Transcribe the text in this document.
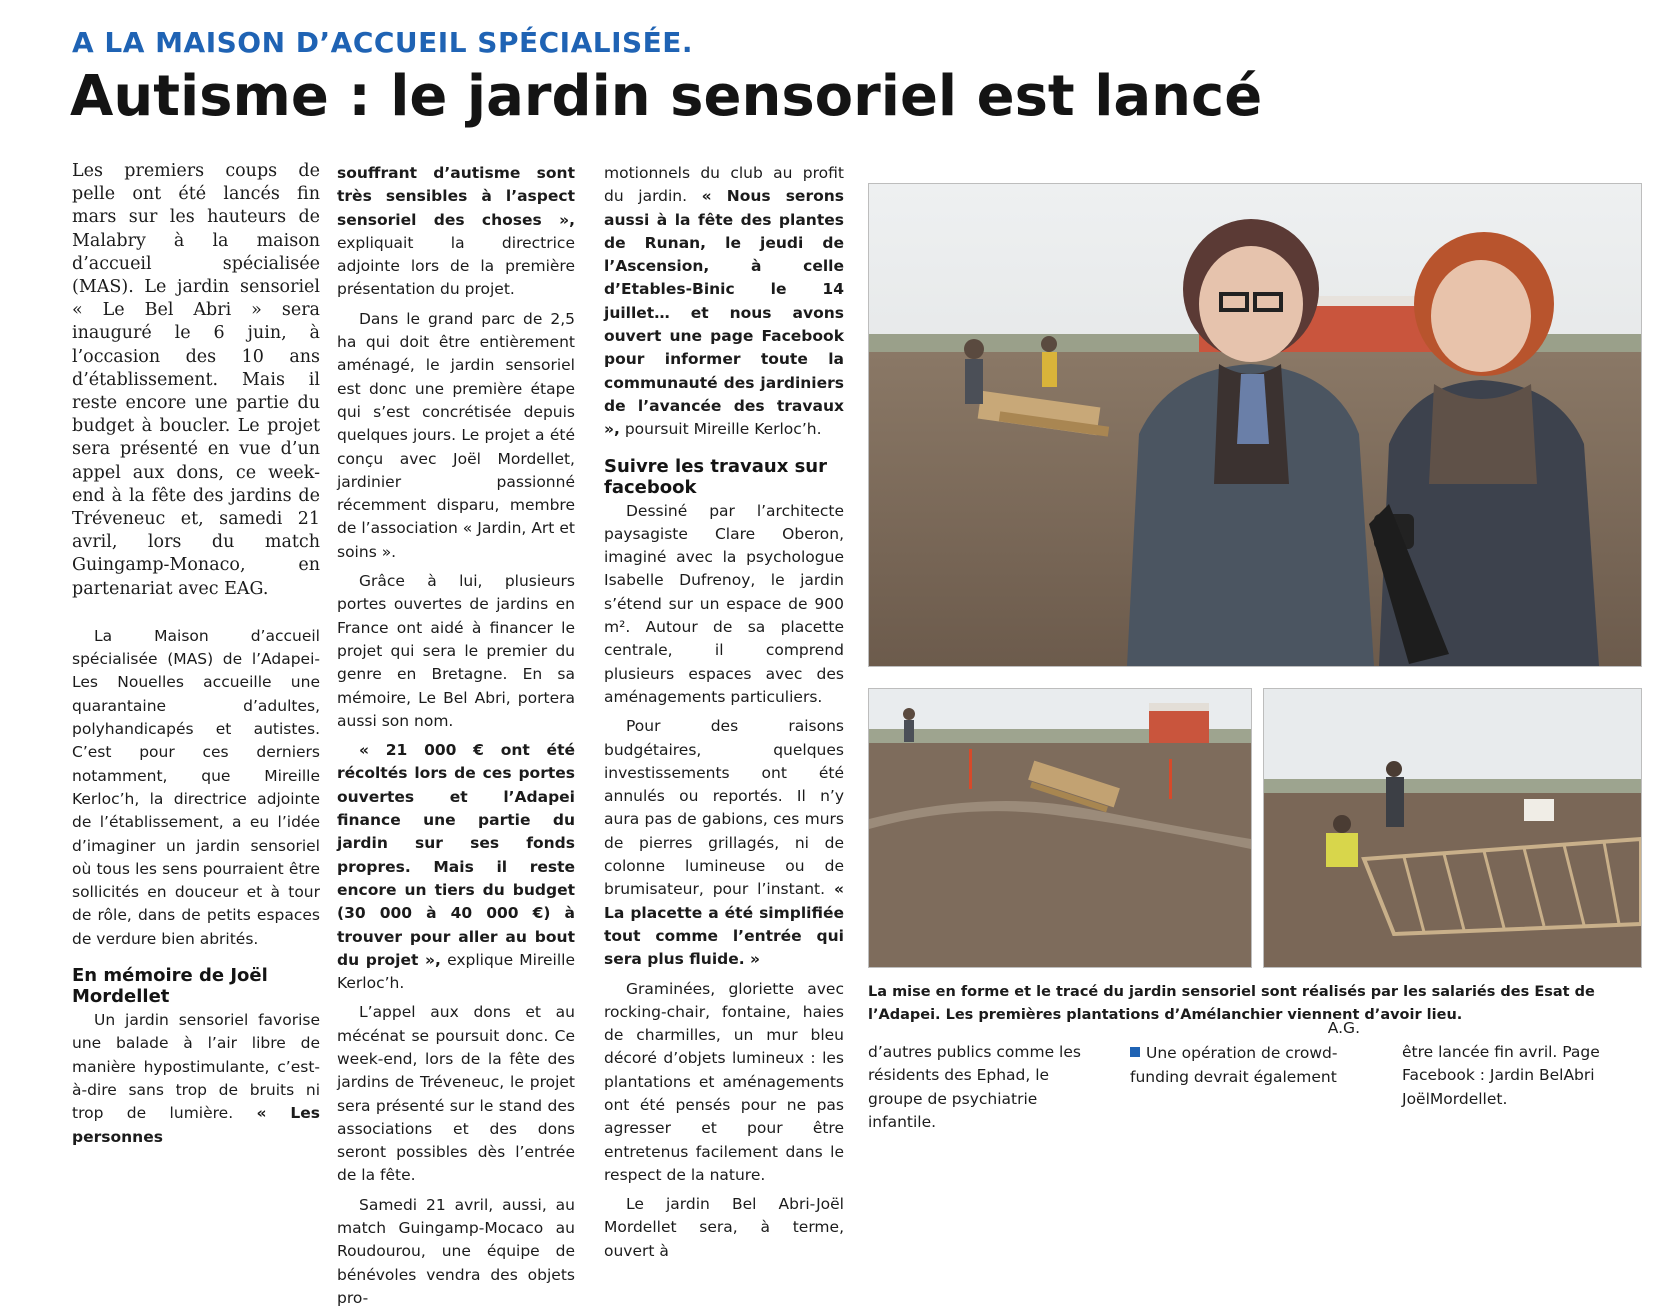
A LA MAISON D’ACCUEIL SPÉCIALISÉE.
Autisme : le jardin sensoriel est lancé

Les premiers coups de pelle ont été lancés fin mars sur les hauteurs de Malabry à la maison d’accueil spécialisée (MAS). Le jardin sensoriel « Le Bel Abri » sera inauguré le 6 juin, à l’occasion des 10 ans d’établissement. Mais il reste encore une partie du budget à boucler. Le projet sera présenté en vue d’un appel aux dons, ce week-end à la fête des jardins de Tréveneuc et, samedi 21 avril, lors du match Guingamp-Monaco, en partenariat avec EAG.

La Maison d’accueil spécialisée (MAS) de l’Adapei-Les Nouelles accueille une quarantaine d’adultes, polyhandicapés et autistes. C’est pour ces derniers notamment, que Mireille Kerloc’h, la directrice adjointe de l’établissement, a eu l’idée d’imaginer un jardin sensoriel où tous les sens pourraient être sollicités en douceur et à tour de rôle, dans de petits espaces de verdure bien abrités.

En mémoire de Joël Mordellet

Un jardin sensoriel favorise une balade à l’air libre de manière hypostimulante, c’est-à-dire sans trop de bruits ni trop de lumière. « Les personnes

souffrant d’autisme sont très sensibles à l’aspect sensoriel des choses », expliquait la directrice adjointe lors de la première présentation du projet.

Dans le grand parc de 2,5 ha qui doit être entièrement aménagé, le jardin sensoriel est donc une première étape qui s’est concrétisée depuis quelques jours. Le projet a été conçu avec Joël Mordellet, jardinier passionné récemment disparu, membre de l’association « Jardin, Art et soins ».

Grâce à lui, plusieurs portes ouvertes de jardins en France ont aidé à financer le projet qui sera le premier du genre en Bretagne. En sa mémoire, Le Bel Abri, portera aussi son nom.

« 21 000 € ont été récoltés lors de ces portes ouvertes et l’Adapei finance une partie du jardin sur ses fonds propres. Mais il reste encore un tiers du budget (30 000 à 40 000 €) à trouver pour aller au bout du projet », explique Mireille Kerloc’h.

L’appel aux dons et au mécénat se poursuit donc. Ce week-end, lors de la fête des jardins de Tréveneuc, le projet sera présenté sur le stand des associations et des dons seront possibles dès l’entrée de la fête.

Samedi 21 avril, aussi, au match Guingamp-Mocaco au Roudourou, une équipe de bénévoles vendra des objets pro-

motionnels du club au profit du jardin. « Nous serons aussi à la fête des plantes de Runan, le jeudi de l’Ascension, à celle d’Etables-Binic le 14 juillet… et nous avons ouvert une page Facebook pour informer toute la communauté des jardiniers de l’avancée des travaux », poursuit Mireille Kerloc’h.

Suivre les travaux sur facebook

Dessiné par l’architecte paysagiste Clare Oberon, imaginé avec la psychologue Isabelle Dufrenoy, le jardin s’étend sur un espace de 900 m². Autour de sa placette centrale, il comprend plusieurs espaces avec des aménagements particuliers.

Pour des raisons budgétaires, quelques investissements ont été annulés ou reportés. Il n’y aura pas de gabions, ces murs de pierres grillagés, ni de colonne lumineuse ou de brumisateur, pour l’instant. « La placette a été simplifiée tout comme l’entrée qui sera plus fluide. »

Graminées, gloriette avec rocking-chair, fontaine, haies de charmilles, un mur bleu décoré d’objets lumineux : les plantations et aménagements ont été pensés pour ne pas agresser et pour être entretenus facilement dans le respect de la nature.

Le jardin Bel Abri-Joël Mordellet sera, à terme, ouvert à

La mise en forme et le tracé du jardin sensoriel sont réalisés par les salariés des Esat de l’Adapei. Les premières plantations d’Amélanchier viennent d’avoir lieu.

d’autres publics comme les résidents des Ephad, le groupe de psychiatrie infantile.

A.G.

Une opération de crowd-funding devrait également

être lancée fin avril. Page Facebook : Jardin BelAbri JoëlMordellet.
